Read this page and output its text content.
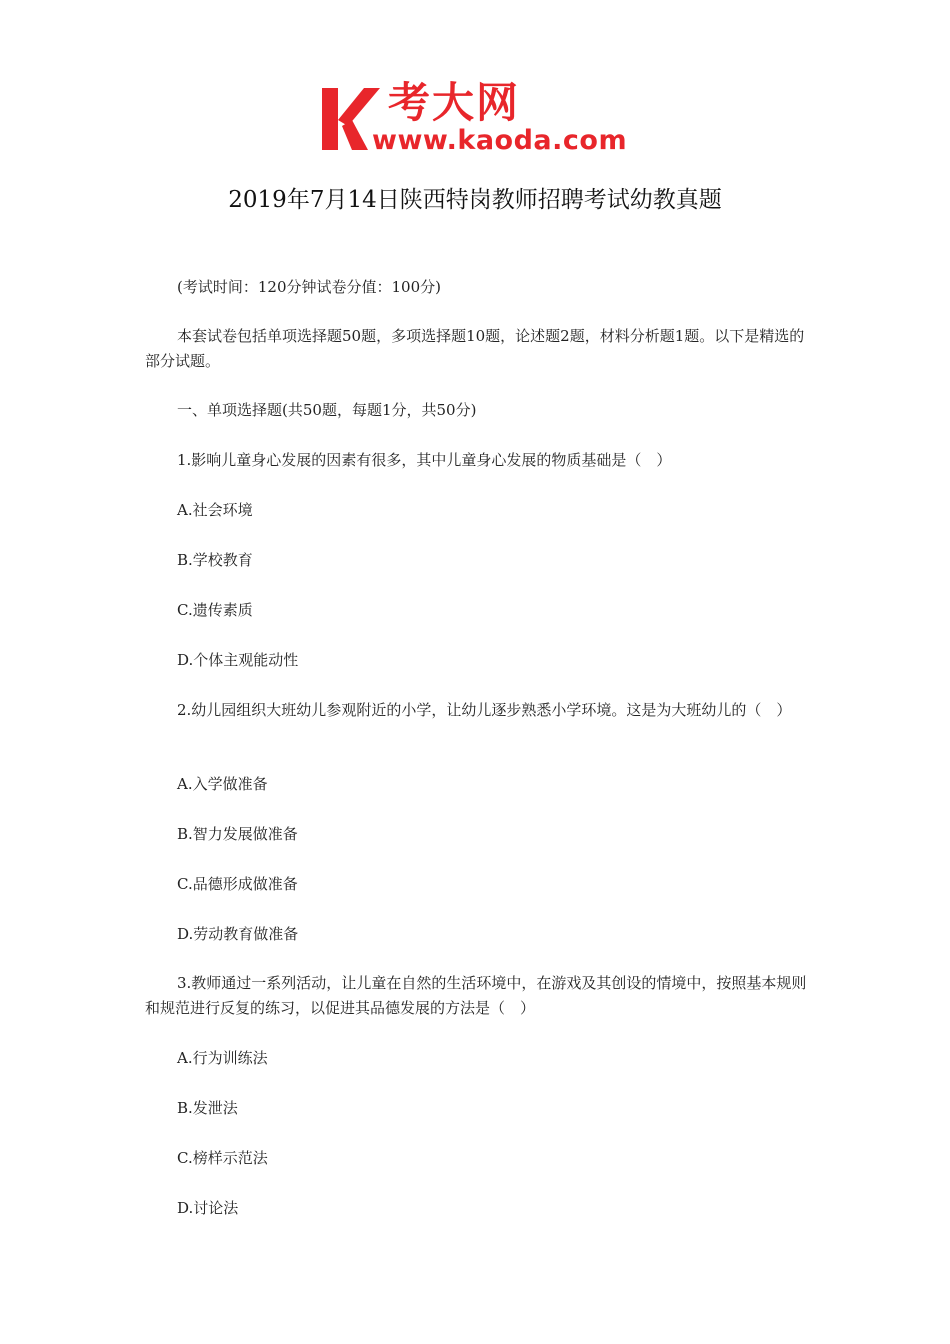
考大网
www.kaoda.com
2019年7月14日陕西特岗教师招聘考试幼教真题
(考试时间：120分钟试卷分值：100分)
本套试卷包括单项选择题50题，多项选择题10题，论述题2题，材料分析题1题。以下是精选的部分试题。
一、单项选择题(共50题，每题1分，共50分)
1.影响儿童身心发展的因素有很多，其中儿童身心发展的物质基础是（　）
A.社会环境
B.学校教育
C.遗传素质
D.个体主观能动性
2.幼儿园组织大班幼儿参观附近的小学，让幼儿逐步熟悉小学环境。这是为大班幼儿的（　）
A.入学做准备
B.智力发展做准备
C.品德形成做准备
D.劳动教育做准备
3.教师通过一系列活动，让儿童在自然的生活环境中，在游戏及其创设的情境中，按照基本规则和规范进行反复的练习，以促进其品德发展的方法是（　）
A.行为训练法
B.发泄法
C.榜样示范法
D.讨论法
